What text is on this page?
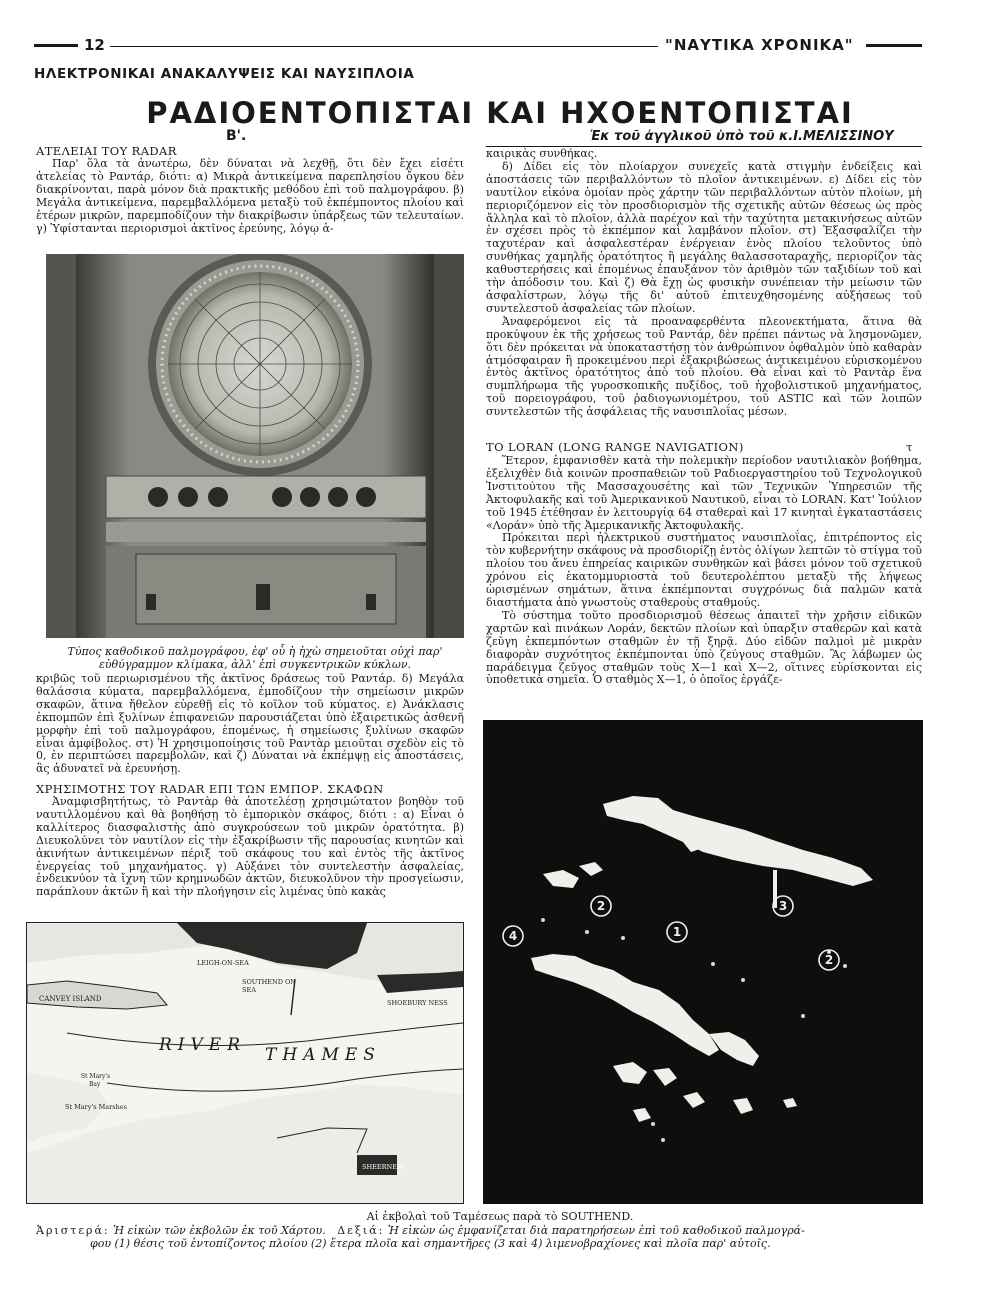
12	"ΝΑΥΤΙΚΑ ΧΡΟΝΙΚΑ"
ΗΛΕΚΤΡΟΝΙΚΑΙ ΑΝΑΚΑΛΥΨΕΙΣ ΚΑΙ ΝΑΥΣΙΠΛΟΙΑ
ΡΑΔΙΟΕΝΤΟΠΙΣΤΑΙ ΚΑΙ ΗΧΟΕΝΤΟΠΙΣΤΑΙ
Β'.	Ἐκ τοῦ ἀγγλικοῦ ὑπὸ τοῦ κ.Ι.ΜΕΛΙΣΣΙΝΟΥ
ΑΤΕΛΕΙΑΙ ΤΟΥ RADAR

Παρ' ὅλα τὰ ἀνωτέρω, δὲν δύναται νὰ λεχθῇ, ὅτι δὲν ἔχει εἰσέτι ἀτελείας τὸ Ραντάρ, διότι: α) Μικρὰ ἀντικείμενα παρεπλησίου ὄγκου δὲν διακρίνονται, παρὰ μόνον διὰ πρακτικῆς μεθόδου ἐπὶ τοῦ παλμογράφου. β) Μεγάλα ἀντικείμενα, παρεμβαλλόμενα μεταξὺ τοῦ ἐκπέμποντος πλοίου καὶ ἑτέρων μικρῶν, παρεμποδίζουν τὴν διακρίβωσιν ὑπάρξεως τῶν τελευταίων. γ) Ὑφίστανται περιορισμοὶ ἀκτῖνος ἐρεύνης, λόγῳ ἀ-

Τύπος καθοδικοῦ παλμογράφου, ἐφ' οὗ ἡ ἠχὼ σημειοῦται οὐχὶ παρ'
εὐθύγραμμον κλίμακα, ἀλλ' ἐπὶ συγκεντρικῶν κύκλων.

κριβῶς τοῦ περιωρισμένου τῆς ἀκτῖνος δράσεως τοῦ Ραντάρ. δ) Μεγάλα θαλάσσια κύματα, παρεμβαλλόμενα, ἐμποδίζουν τὴν σημείωσιν μικρῶν σκαφῶν, ἅτινα ἤθελον εὑρεθῇ εἰς τὸ κοῖλον τοῦ κύματος. ε) Ἀνάκλασις ἐκπομπῶν ἐπὶ ξυλίνων ἐπιφανειῶν παρουσιάζεται ὑπὸ ἐξαιρετικῶς ἀσθενῆ μορφὴν ἐπὶ τοῦ παλμογράφου, ἑπομένως, ἡ σημείωσις ξυλίνων σκαφῶν εἶναι ἀμφίβολος. στ) Ἡ χρησιμοποίησις τοῦ Ραντὰρ μειοῦται σχεδὸν εἰς τὸ 0, ἐν περιπτώσει παρεμβολῶν, καὶ ζ) Δύναται νὰ ἐκπέμψῃ εἰς ἀποστάσεις, ἃς ἀδυνατεῖ νὰ ἐρευνήσῃ.

ΧΡΗΣΙΜΟΤΗΣ ΤΟΥ RADAR ΕΠΙ ΤΩΝ ΕΜΠΟΡ. ΣΚΑΦΩΝ

Ἀναμφισβητήτως, τὸ Ραντὰρ θὰ ἀποτελέσῃ χρησιμώτατον βοηθὸν τοῦ ναυτιλλομένου καὶ θὰ βοηθήσῃ τὸ ἐμπορικὸν σκάφος, διότι : α) Εἶναι ὁ καλλίτερος διασφαλιστὴς ἀπὸ συγκρούσεων τοῦ μικρῶν ὁρατότητα. β) Διευκολύνει τὸν ναυτίλον εἰς τὴν ἐξακρίβωσιν τῆς παρουσίας κινητῶν καὶ ἀκινήτων ἀντικειμένων πέριξ τοῦ σκάφους του καὶ ἐντὸς τῆς ἀκτῖνος ἐνεργείας τοῦ μηχανήματος. γ) Αὐξάνει τὸν συντελεστὴν ἀσφαλείας, ἐνδεικνύον τὰ ἴχνη τῶν κρημνωδῶν ἀκτῶν, διευκολῦνον τὴν προσγείωσιν, παράπλουν ἀκτῶν ἢ καὶ τὴν πλοήγησιν εἰς λιμένας ὑπὸ κακὰς

LEIGH-ON-SEA
SOUTHEND ON SEA
CANVEY ISLAND	SHOEBURY NESS
RIVER THAMES
St Mary's
Bay
St Mary's Marshes
SHEERNESS

καιρικὰς συνθήκας.

δ) Δίδει εἰς τὸν πλοίαρχον συνεχεῖς κατὰ στιγμὴν ἐνδείξεις καὶ ἀποστάσεις τῶν περιβαλλόντων τὸ πλοῖον ἀντικειμένων. ε) Δίδει εἰς τὸν ναυτίλον εἰκόνα ὁμοίαν πρὸς χάρτην τῶν περιβαλλόντων αὐτὸν πλοίων, μὴ περιοριζόμενον εἰς τὸν προσδιορισμὸν τῆς σχετικῆς αὐτῶν θέσεως ὡς πρὸς ἄλληλα καὶ τὸ πλοῖον, ἀλλὰ παρέχον καὶ τὴν ταχύτητα μετακινήσεως αὐτῶν ἐν σχέσει πρὸς τὸ ἐκπέμπον καὶ λαμβάνον πλοῖον. στ) Ἐξασφαλίζει τὴν ταχυτέραν καὶ ἀσφαλεστέραν ἐνέργειαν ἑνὸς πλοίου τελοῦντος ὑπὸ συνθήκας χαμηλῆς ὁρατότητος ἢ μεγάλης θαλασσοταραχῆς, περιορίζον τὰς καθυστερήσεις καὶ ἑπομένως ἐπαυξάνον τὸν ἀριθμὸν τῶν ταξιδίων τοῦ καὶ τὴν ἀπόδοσιν του. Καὶ ζ) Θὰ ἔχῃ ὡς φυσικὴν συνέπειαν τὴν μείωσιν τῶν ἀσφαλίστρων, λόγῳ τῆς δι' αὐτοῦ ἐπιτευχθησομένης αὐξήσεως τοῦ συντελεστοῦ ἀσφαλείας τῶν πλοίων.

Ἀναφερόμενοι εἰς τὰ προαναφερθέντα πλεονεκτήματα, ἅτινα θὰ προκύψουν ἐκ τῆς χρήσεως τοῦ Ραντάρ, δὲν πρέπει πάντως νὰ λησμονῶμεν, ὅτι δὲν πρόκειται νὰ ὑποκαταστήσῃ τὸν ἀνθρώπινον ὀφθαλμὸν ὑπὸ καθαρὰν ἀτμόσφαιραν ἢ προκειμένου περὶ ἐξακριβώσεως ἀντικειμένου εὑρισκομένου ἐντὸς ἀκτῖνος ὁρατότητος ἀπὸ τοῦ πλοίου. Θὰ εἶναι καὶ τὸ Ραντὰρ ἕνα συμπλήρωμα τῆς γυροσκοπικῆς πυξίδος, τοῦ ἠχοβολιστικοῦ μηχανήματος, τοῦ πορειογράφου, τοῦ ῥαδιογωνιομέτρου, τοῦ ASTIC καὶ τῶν λοιπῶν συντελεστῶν τῆς ἀσφάλειας τῆς ναυσιπλοΐας μέσων.

ΤΟ LORAN (LONG RANGE NAVIGATION)	τ

Ἕτερον, ἐμφανισθὲν κατὰ τὴν πολεμικὴν περίοδον ναυτιλιακὸν βοήθημα, ἐξελιχθὲν διὰ κοινῶν προσπαθειῶν τοῦ Ραδιοεργαστηρίου τοῦ Τεχνολογικοῦ Ἰνστιτούτου τῆς Μασσαχουσέτης καὶ τῶν Τεχνικῶν Ὑπηρεσιῶν τῆς Ἀκτοφυλακῆς καὶ τοῦ Ἀμερικανικοῦ Ναυτικοῦ, εἶναι τὸ LORAN. Κατ' Ἰούλιον τοῦ 1945 ἐτέθησαν ἐν λειτουργίᾳ 64 σταθεραὶ καὶ 17 κινηταὶ ἐγκαταστάσεις «Λοράν» ὑπὸ τῆς Ἀμερικανικῆς Ἀκτοφυλακῆς.

Πρόκειται περὶ ἠλεκτρικοῦ συστήματος ναυσιπλοΐας, ἐπιτρέποντος εἰς τὸν κυβερνήτην σκάφους νὰ προσδιορίζῃ ἐντὸς ὀλίγων λεπτῶν τὸ στίγμα τοῦ πλοίου του ἄνευ ἐπηρείας καιρικῶν συνθηκῶν καὶ βάσει μόνον τοῦ σχετικοῦ χρόνου εἰς ἑκατομμυριοστὰ τοῦ δευτερολέπτου μεταξὺ τῆς λήψεως ὡρισμένων σημάτων, ἅτινα ἐκπέμπονται συγχρόνως διὰ παλμῶν κατὰ διαστήματα ἀπὸ γνωστοὺς σταθεροὺς σταθμούς.

Τὸ σύστημα τοῦτο προσδιορισμοῦ θέσεως ἀπαιτεῖ τὴν χρῆσιν εἰδικῶν χαρτῶν καὶ πινάκων Λοράν, δεκτῶν πλοίων καὶ ὑπαρξιν σταθερῶν καὶ κατὰ ζεῦγη ἐκπεμπόντων σταθμῶν ἐν τῇ ξηρᾷ. Δύο εἰδῶν παλμοὶ μὲ μικρὰν διαφορὰν συχνότητος ἐκπέμπονται ὑπὸ ζεύγους σταθμῶν. Ἂς λάβωμεν ὡς παράδειγμα ζεῦγος σταθμῶν τοὺς Χ—1 καὶ Χ—2, οἵτινες εὑρίσκονται εἰς ὑποθετικὰ σημεῖα. Ὁ σταθμὸς Χ—1, ὁ ὁποῖος ἐργάζε-

1
2	3
4
2
Αἱ ἐκβολαὶ τοῦ Ταμέσεως παρὰ τὸ SOUTHEND.
Ἀριστερά: Ἡ εἰκὼν τῶν ἐκβολῶν ἐκ τοῦ Χάρτου. Δεξιά: Ἡ εἰκὼν ὡς ἐμφανίζεται διὰ παρατηρήσεων ἐπὶ τοῦ καθοδικοῦ παλμογρά-
φου (1) θέσις τοῦ ἐντοπίζοντος πλοίου (2) ἕτερα πλοῖα καὶ σημαντῆρες (3 καὶ 4) λιμενοβραχίονες καὶ πλοῖα παρ' αὐτοῖς.
